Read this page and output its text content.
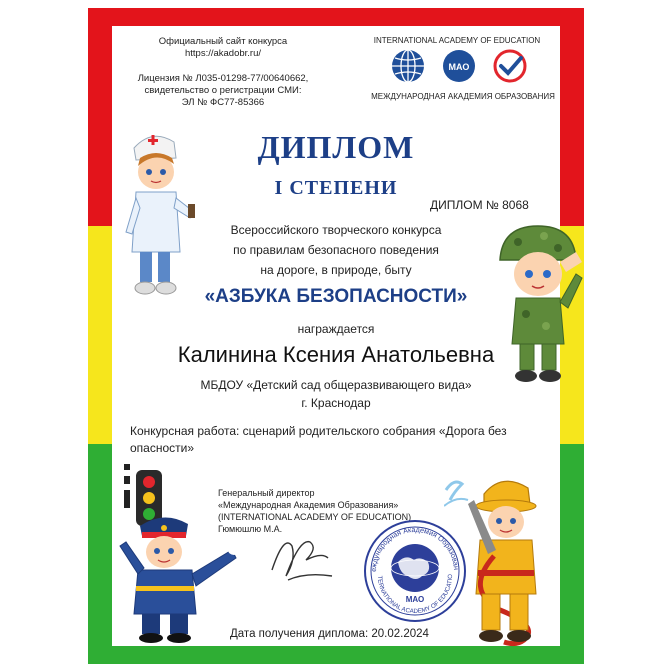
Официальный сайт конкурса
https://akadobr.ru/
Лицензия № Л035-01298-77/00640662,
свидетельство о регистрации СМИ:
ЭЛ № ФС77-85366
INTERNATIONAL ACADEMY OF EDUCATION
МАО
МЕЖДУНАРОДНАЯ АКАДЕМИЯ ОБРАЗОВАНИЯ
ДИПЛОМ
I СТЕПЕНИ
ДИПЛОМ № 8068
Всероссийского творческого конкурса
по правилам безопасного поведения
на дороге, в природе, быту
«АЗБУКА БЕЗОПАСНОСТИ»
награждается
Калинина Ксения Анатольевна
МБДОУ «Детский сад общеразвивающего вида»
г. Краснодар
Конкурсная работа: сценарий родительского собрания «Дорога без
опасности»
Генеральный директор
«Международная Академия Образования»
(INTERNATIONAL ACADEMY OF EDUCATION)
Гюмюшлю М.А.
еждународная Академия Образован
TERNATIONAL ACADEMY OF EDUCATIO
МАО
Дата получения диплома: 20.02.2024
